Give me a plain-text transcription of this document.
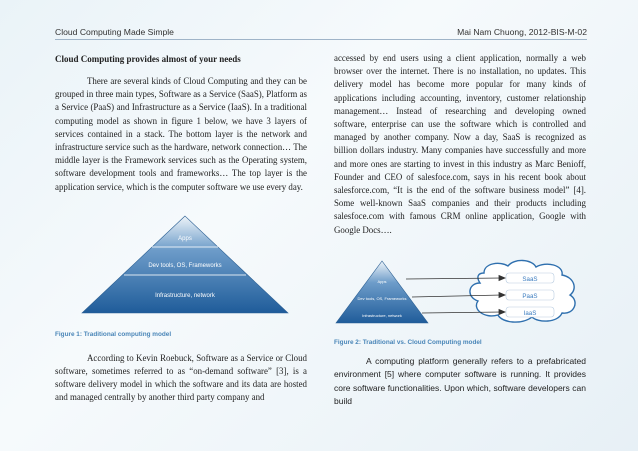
Cloud Computing Made Simple	Mai Nam Chuong, 2012-BIS-M-02
Cloud Computing provides almost of your needs

There are several kinds of Cloud Computing and they can be grouped in three main types, Software as a Service (SaaS), Platform as a Service (PaaS) and Infrastructure as a Service (IaaS). In a traditional computing model as shown in figure 1 below, we have 3 layers of services contained in a stack. The bottom layer is the network and infrastructure service such as the hardware, network connection… The middle layer is the Framework services such as the Operating system, software development tools and frameworks… The top layer is the application service, which is the computer software we use every day.

Apps
Dev tools, OS, Frameworks
Infrastructure, network
Figure 1: Traditional computing model

According to Kevin Roebuck, Software as a Service or Cloud software, sometimes referred to as “on-demand software” [3], is a software delivery model in which the software and its data are hosted and managed centrally by another third party company and

accessed by end users using a client application, normally a web browser over the internet. There is no installation, no updates. This delivery model has become more popular for many kinds of applications including accounting, inventory, customer relationship management… Instead of researching and developing owned software, enterprise can use the software which is controlled and managed by another company. Now a day, SaaS is recognized as billion dollars industry. Many companies have successfully and more and more ones are starting to invest in this industry as Marc Benioff, Founder and CEO of salesfoce.com, says in his recent book about salesforce.com, “It is the end of the software business model” [4]. Some well-known SaaS companies and their products including salesfoce.com with famous CRM online application, Google with Google Docs….

Apps
Dev tools, OS, Frameworks
Infrastructure, network
SaaS
PaaS
IaaS
Figure 2: Traditional vs. Cloud Computing model

A computing platform generally refers to a prefabricated environment [5] where computer software is running. It provides core software functionalities. Upon which, software developers can build
